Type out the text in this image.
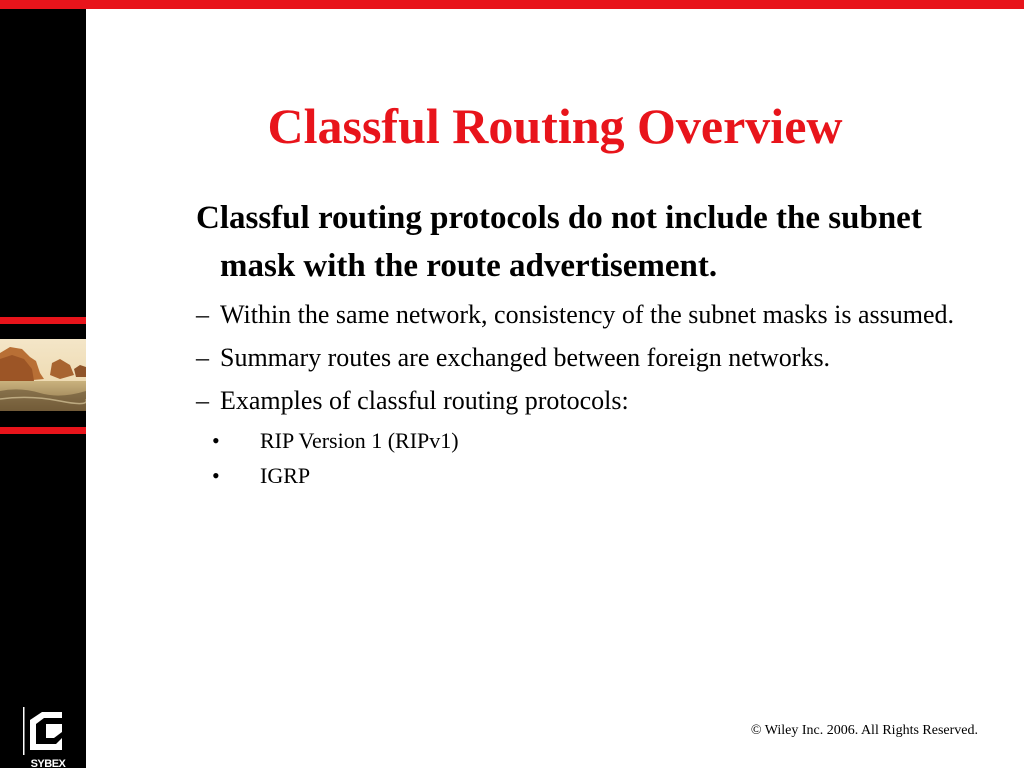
SYBEX
Classful Routing Overview

Classful routing protocols do not include the subnet mask with the route advertisement.

– Within the same network, consistency of the subnet masks is assumed.
– Summary routes are exchanged between foreign networks.
– Examples of classful routing protocols:
• RIP Version 1 (RIPv1)
• IGRP
© Wiley Inc. 2006. All Rights Reserved.
